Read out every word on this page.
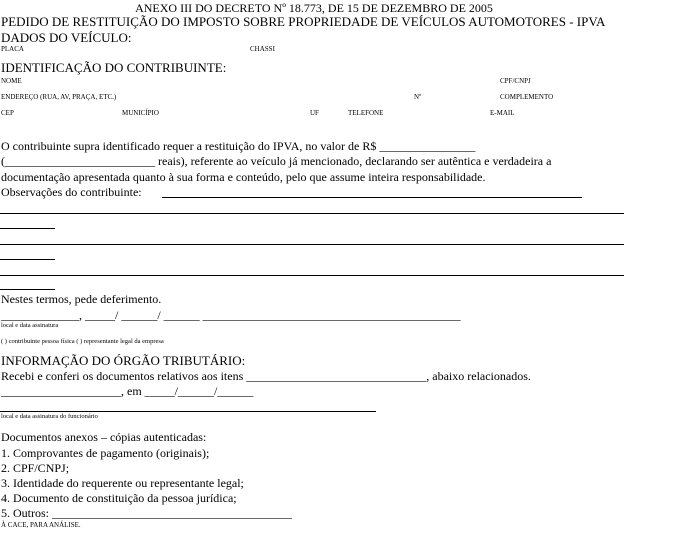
ANEXO III DO DECRETO Nº 18.773, DE 15 DE DEZEMBRO DE 2005
PEDIDO DE RESTITUIÇÃO DO IMPOSTO SOBRE PROPRIEDADE DE VEÍCULOS AUTOMOTORES - IPVA
DADOS DO VEÍCULO:
PLACA	CHASSI
IDENTIFICAÇÃO DO CONTRIBUINTE:
NOME	CPF/CNPJ
ENDEREÇO (RUA, AV, PRAÇA, ETC.)	Nº	COMPLEMENTO
CEP	MUNICÍPIO	UF	TELEFONE	E-MAIL
O contribuinte supra identificado requer a restituição do IPVA, no valor de R$ ________________
(_________________________ reais), referente ao veículo já mencionado, declarando ser autêntica e verdadeira a
documentação apresentada quanto à sua forma e conteúdo, pelo que assume inteira responsabilidade.
Observações do contribuinte:
Nestes termos, pede deferimento.
_____________, _____/ ______/ ______ ___________________________________________
local e data assinatura
( ) contribuinte pessoa física ( ) representante legal da empresa
INFORMAÇÃO DO ÓRGÃO TRIBUTÁRIO:
Recebi e conferi os documentos relativos aos itens ______________________________, abaixo relacionados.
____________________, em _____/______/______
local e data assinatura do funcionário
Documentos anexos – cópias autenticadas:
1. Comprovantes de pagamento (originais);
2. CPF/CNPJ;
3. Identidade do requerente ou representante legal;
4. Documento de constituição da pessoa jurídica;
5. Outros: ________________________________________
À CACE, PARA ANÁLISE.
